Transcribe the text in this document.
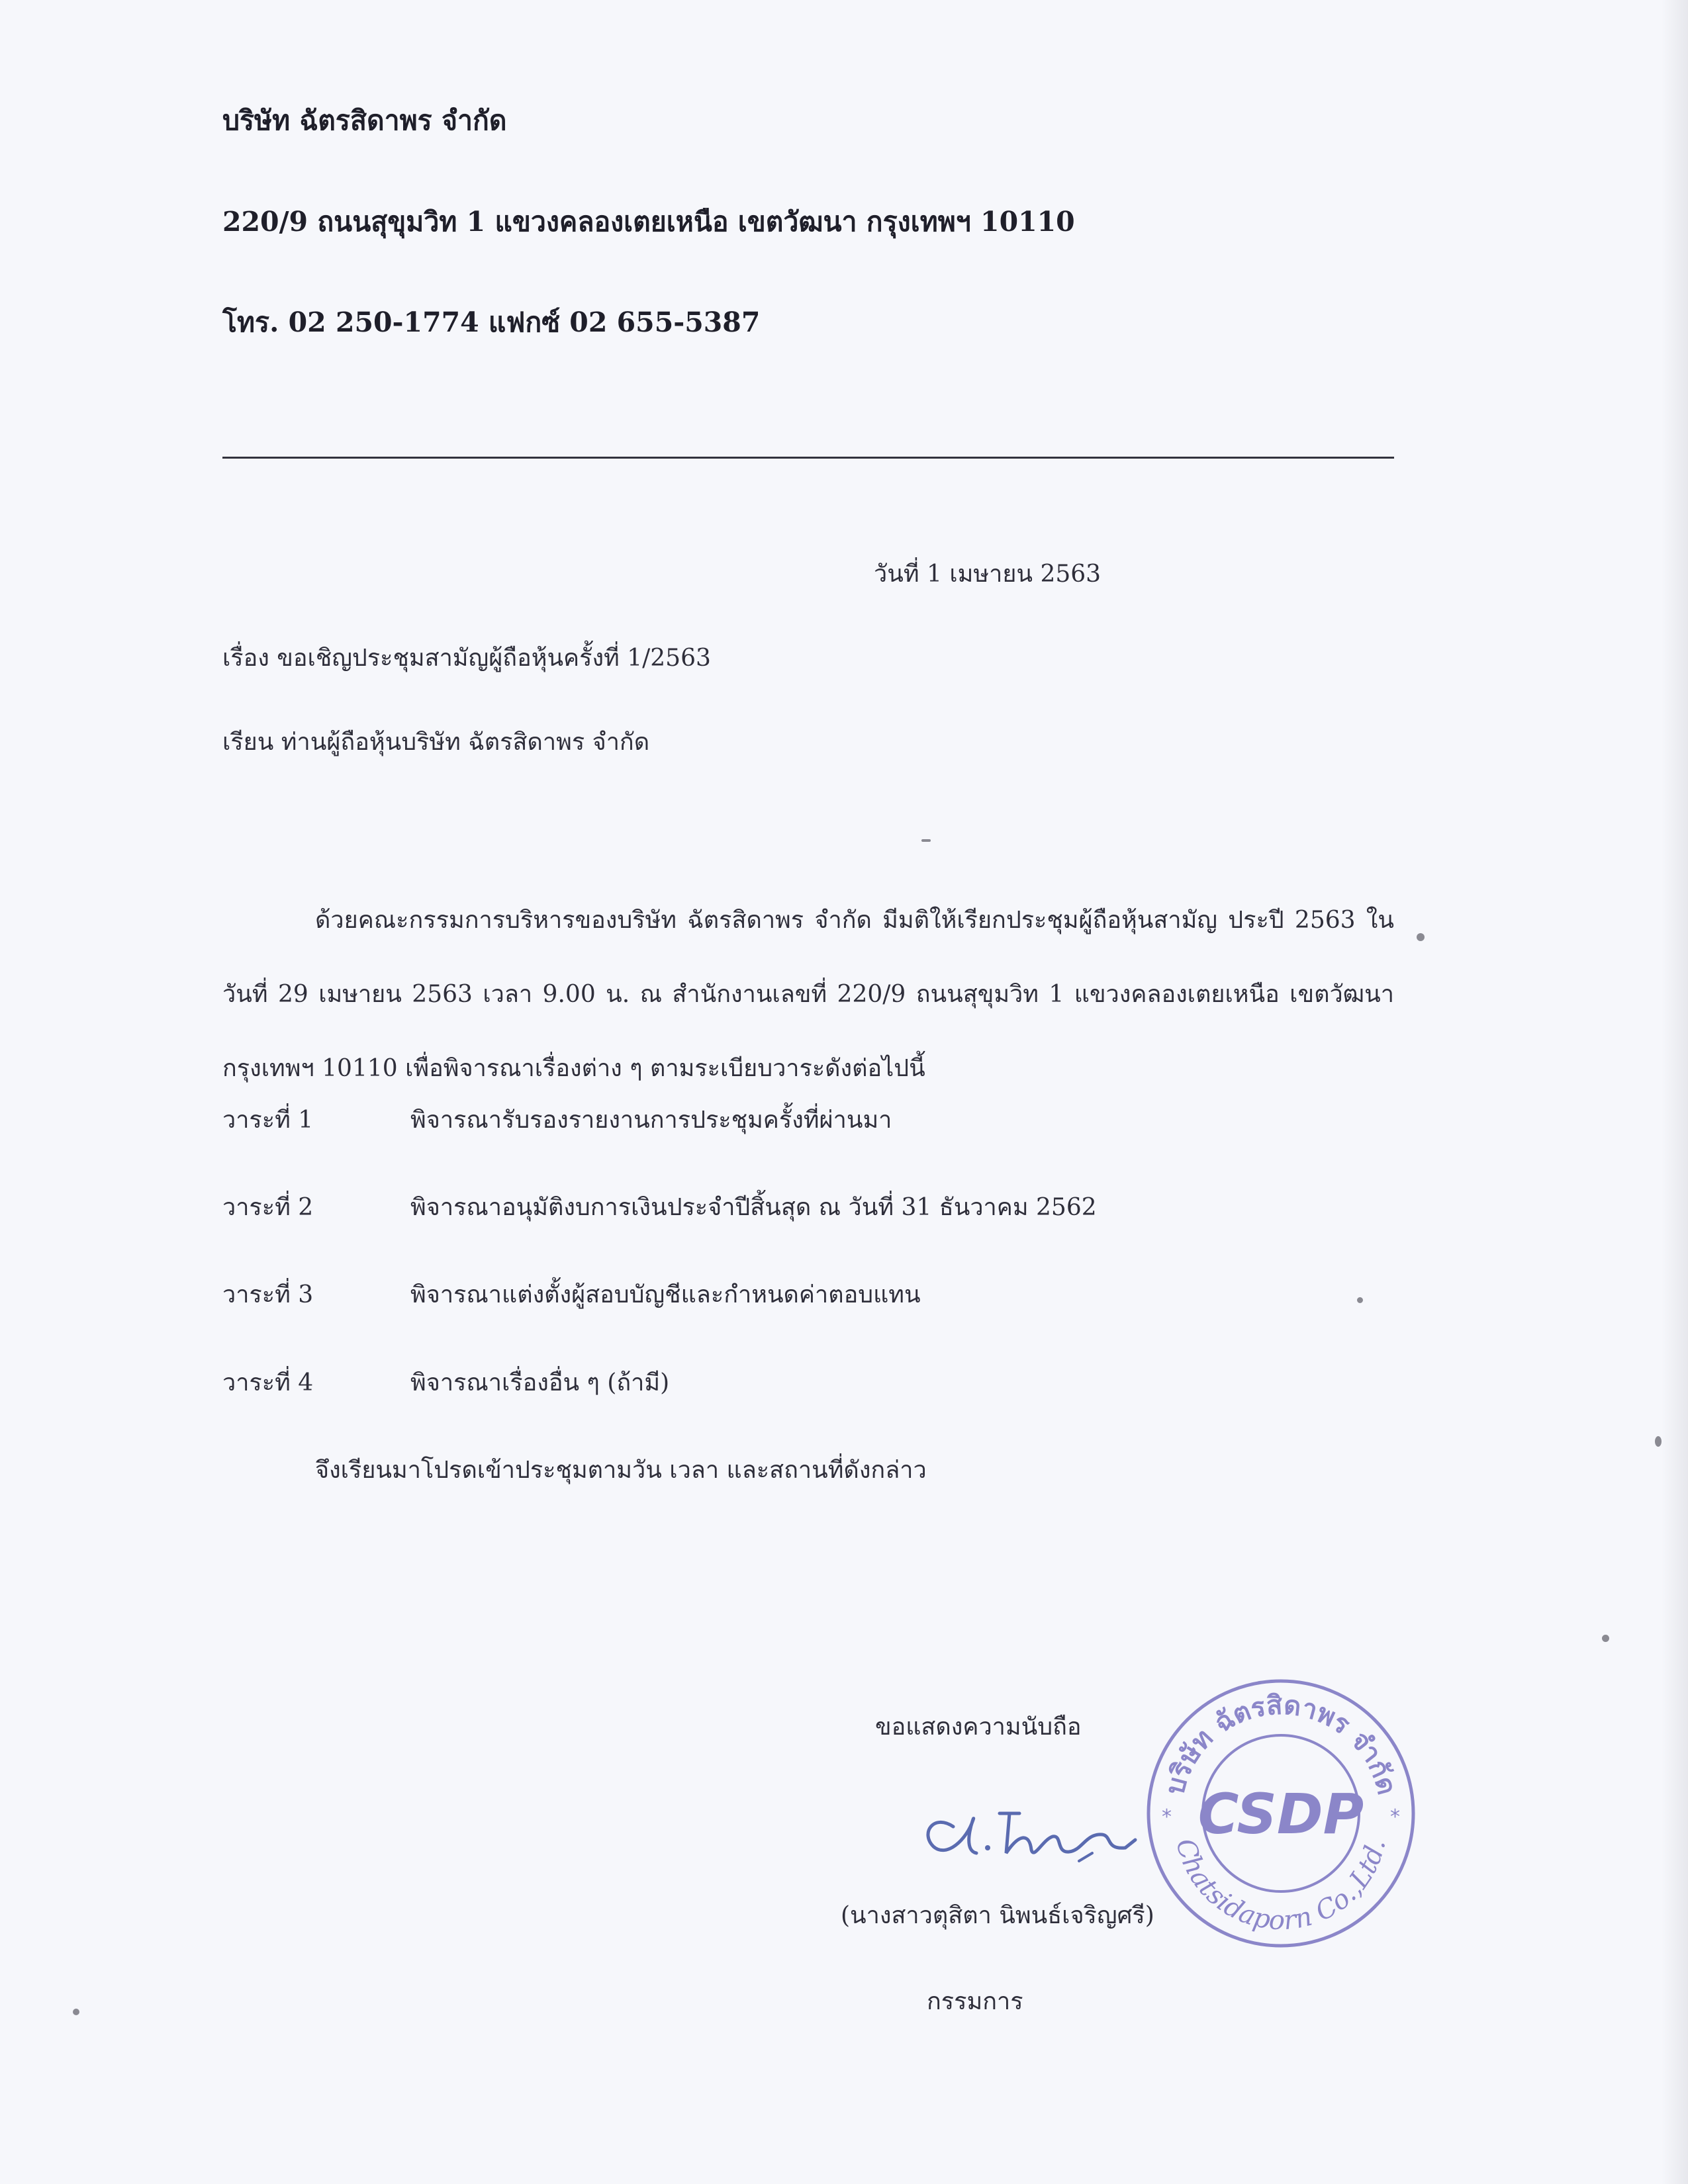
บริษัท ฉัตรสิดาพร จำกัด
220/9 ถนนสุขุมวิท 1 แขวงคลองเตยเหนือ เขตวัฒนา กรุงเทพฯ 10110
โทร. 02 250-1774 แฟกซ์ 02 655-5387
วันที่ 1 เมษายน 2563
เรื่อง ขอเชิญประชุมสามัญผู้ถือหุ้นครั้งที่ 1/2563
เรียน ท่านผู้ถือหุ้นบริษัท ฉัตรสิดาพร จำกัด
ด้วยคณะกรรมการบริหารของบริษัท ฉัตรสิดาพร จำกัด มีมติให้เรียกประชุมผู้ถือหุ้นสามัญ ประปี 2563 ในวันที่ 29 เมษายน 2563 เวลา 9.00 น. ณ สำนักงานเลขที่ 220/9 ถนนสุขุมวิท 1 แขวงคลองเตยเหนือ เขตวัฒนา กรุงเทพฯ 10110 เพื่อพิจารณาเรื่องต่าง ๆ ตามระเบียบวาระดังต่อไปนี้
วาระที่ 1	พิจารณารับรองรายงานการประชุมครั้งที่ผ่านมา
วาระที่ 2	พิจารณาอนุมัติงบการเงินประจำปีสิ้นสุด ณ วันที่ 31 ธันวาคม 2562
วาระที่ 3	พิจารณาแต่งตั้งผู้สอบบัญชีและกำหนดค่าตอบแทน
วาระที่ 4	พิจารณาเรื่องอื่น ๆ (ถ้ามี)
จึงเรียนมาโปรดเข้าประชุมตามวัน เวลา และสถานที่ดังกล่าว
ขอแสดงความนับถือ
บริษัท ฉัตรสิดาพร จำกัด
Chatsidaporn Co.,Ltd.
*	*
CSDP
(นางสาวตุสิตา นิพนธ์เจริญศรี)
กรรมการ
